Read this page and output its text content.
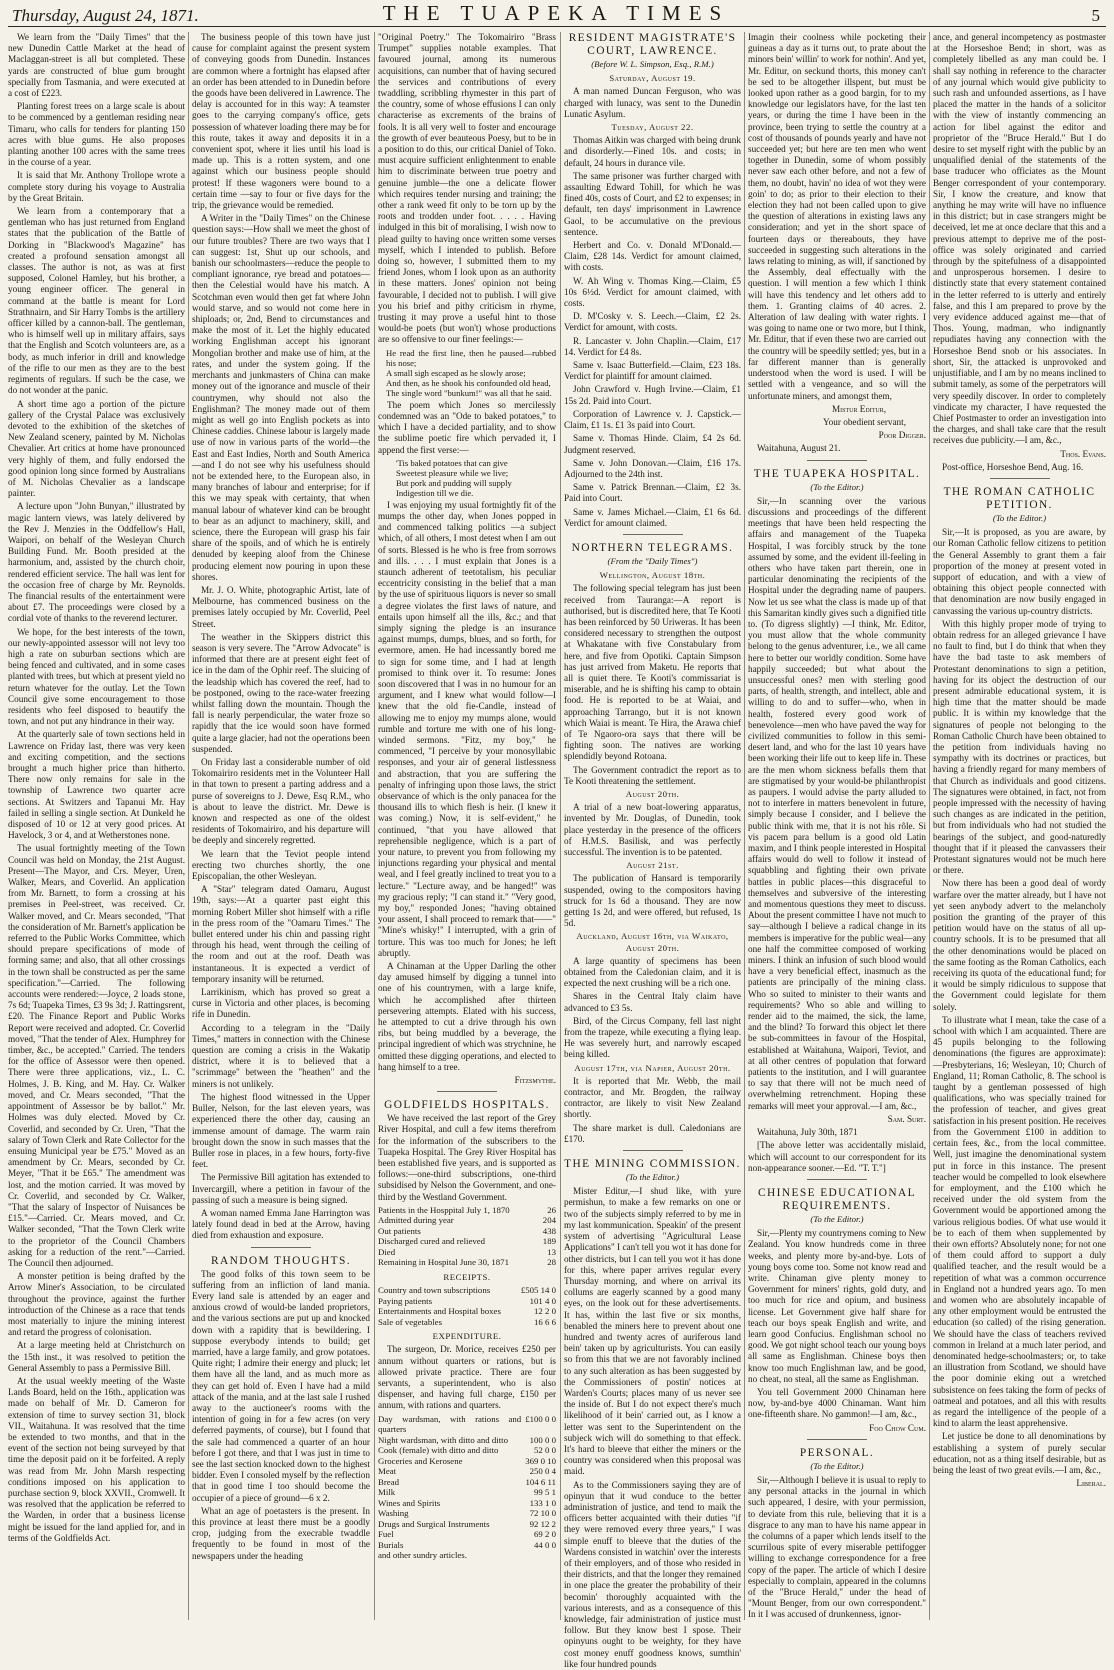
Thursday, August 24, 1871.	THE TUAPEKA TIMES	5

We learn from the "Daily Times" that the new Dunedin Cattle Market at the head of Maclaggan-street is all but completed. These yards are constructed of blue gum brought specially from Tasmania, and were executed at a cost of £223.

Planting forest trees on a large scale is about to be commenced by a gentleman residing near Timaru, who calls for tenders for planting 150 acres with blue gums. He also proposes planting another 100 acres with the same trees in the course of a year.

It is said that Mr. Anthony Trollope wrote a complete story during his voyage to Australia by the Great Britain.

We learn from a contemporary that a gentleman who has just returned from England states that the publication of the Battle of Dorking in "Blackwood's Magazine" has created a profound sensation amongst all classes. The author is not, as was at first supposed, Colonel Hamley, but his brother, a young engineer officer. The general in command at the battle is meant for Lord Strathnairn, and Sir Harry Tombs is the artillery officer killed by a cannon-ball. The gentleman, who is himself well up in military affairs, says that the English and Scotch volunteers are, as a body, as much inferior in drill and knowledge of the rifle to our men as they are to the best regiments of regulars. If such be the case, we do not wonder at the panic.

A short time ago a portion of the picture gallery of the Crystal Palace was exclusively devoted to the exhibition of the sketches of New Zealand scenery, painted by M. Nicholas Chevalier. Art critics at home have pronounced very highly of them, and fully endorsed the good opinion long since formed by Australians of M. Nicholas Chevalier as a landscape painter.

A lecture upon "John Bunyan," illustrated by magic lantern views, was lately delivered by the Rev J. Menzies in the Oddfellow's Hall, Waipori, on behalf of the Wesleyan Church Building Fund. Mr. Booth presided at the harmonium, and, assisted by the church choir, rendered efficient service. The hall was lent for the occasion free of charge by Mr. Reynolds. The financial results of the entertainment were about £7. The proceedings were closed by a cordial vote of thanks to the reverend lecturer.

We hope, for the best interests of the town, our newly-appointed assessor will not levy too high a rate on suburban sections which are being fenced and cultivated, and in some cases planted with trees, but which at present yield no return whatever for the outlay. Let the Town Council give some encouragement to those residents who feel disposed to beautify the town, and not put any hindrance in their way.

At the quarterly sale of town sections held in Lawrence on Friday last, there was very keen and exciting competition, and the sections brought a much higher price than hitherto. There now only remains for sale in the township of Lawrence two quarter acre sections. At Switzers and Tapanui Mr. Hay failed in selling a single section. At Dunkeld he disposed of 10 or 12 at very good prices. At Havelock, 3 or 4, and at Wetherstones none.

The usual fortnightly meeting of the Town Council was held on Monday, the 21st August. Present—The Mayor, and Crs. Meyer, Uren, Walker, Mears, and Coverlid. An application from Mr. Barnett, to form a crossing at his premises in Peel-street, was received. Cr. Walker moved, and Cr. Mears seconded, "That the consideration of Mr. Barnett's application be referred to the Public Works Committee, which should prepare specifications of mode of forming same; and also, that all other crossings in the town shall be constructed as per the same specification."—Carried. The following accounts were rendered:—Joyce, 2 loads stone, 7s 6d; Tuapeka Times, £3 9s 3d; J. Rattingsrent, £20. The Finance Report and Public Works Report were received and adopted. Cr. Coverlid moved, "That the tender of Alex. Humphrey for timber, &c., be accepted." Carried. The tenders for the office of Assessor were then opened. There were three applications, viz., L. C. Holmes, J. B. King, and M. Hay. Cr. Walker moved, and Cr. Mears seconded, "That the appointment of Assessor be by ballot." Mr. Holmes was duly elected. Moved by Cr. Coverlid, and seconded by Cr. Uren, "That the salary of Town Clerk and Rate Collector for the ensuing Municipal year be £75." Moved as an amendment by Cr. Mears, seconded by Cr. Meyer, "That it be £65." The amendment was lost, and the motion carried. It was moved by Cr. Coverlid, and seconded by Cr. Walker, "That the salary of Inspector of Nuisances be £15."—Carried. Cr. Mears moved, and Cr. Walker seconded, "That the Town Clerk write to the proprietor of the Council Chambers asking for a reduction of the rent."—Carried. The Council then adjourned.

A monster petition is being drafted by the Arrow Miner's Association, to be circulated throughout the province, against the further introduction of the Chinese as a race that tends most materially to injure the mining interest and retard the progress of colonisation.

At a large meeting held at Christchurch on the 15th inst., it was resolved to petition the General Assembly to pass a Permissive Bill.

At the usual weekly meeting of the Waste Lands Board, held on the 16th., application was made on behalf of Mr. D. Cameron for extension of time to survey section 31, block VII., Waitahuna. It was resolved that the time be extended to two months, and that in the event of the section not being surveyed by that time the deposit paid on it be forfeited. A reply was read from Mr. John Marsh respecting conditions imposed on his application to purchase section 9, block XXVII., Cromwell. It was resolved that the application be referred to the Warden, in order that a business license might be issued for the land applied for, and in terms of the Goldfields Act.

The business people of this town have just cause for complaint against the present system of conveying goods from Dunedin. Instances are common where a fortnight has elapsed after an order has been attended to in Dunedin before the goods have been delivered in Lawrence. The delay is accounted for in this way: A teamster goes to the carrying company's office, gets possession of whatever loading there may be for this route, takes it away and deposits it in a convenient spot, where it lies until his load is made up. This is a rotten system, and one against which our business people should protest! If these wagoners were bound to a certain time —say to four or five days for the trip, the grievance would be remedied.

A Writer in the "Daily Times" on the Chinese question says:—How shall we meet the ghost of our future troubles? There are two ways that I can suggest: 1st, Shut up our schools, and banish our schoolmasters—reduce the people to compliant ignorance, rye bread and potatoes—then the Celestial would have his match. A Scotchman even would then get fat where John would starve, and so would not come here in shiploads; or, 2nd, Bend to circumstances and make the most of it. Let the highly educated working Englishman accept his ignorant Mongolian brother and make use of him, at the rates, and under the system going. If the merchants and junkmasters of China can make money out of the ignorance and muscle of their countrymen, why should not also the Englishman? The money made out of them might as well go into English pockets as into Chinese caddies. Chinese labour is largely made use of now in various parts of the world—the East and East Indies, North and South America—and I do not see why his usefulness should not be extended here, to the European also, in many branches of labour and enterprise; for if this we may speak with certainty, that when manual labour of whatever kind can be brought to bear as an adjunct to machinery, skill, and science, there the European will grasp his fair share of the spoils, and of which he is entirely denuded by keeping aloof from the Chinese producing element now pouring in upon these shores.

Mr. J. O. White, photographic Artist, late of Melbourne, has commenced business on the premises lately occupied by Mr. Coverlid, Peel Street.

The weather in the Skippers district this season is very severe. The "Arrow Advocate" is informed that there are at present eight feet of ice in the dam of the Ophir reef. The sluicing of the leadship which has covered the reef, had to be postponed, owing to the race-water freezing whilst falling down the mountain. Though the fall is nearly perpendicular, the water froze so rapidly that the ice would soon have formed quite a large glacier, had not the operations been suspended.

On Friday last a considerable number of old Tokomairiro residents met in the Volunteer Hall in that town to present a parting address and a purse of sovereigns to J. Dewe, Esq R.M., who is about to leave the district. Mr. Dewe is known and respected as one of the oldest residents of Tokomairiro, and his departure will be deeply and sincerely regretted.

We learn that the Teviot people intend erecting two churches shortly, the one Episcopalian, the other Wesleyan.

A "Star" telegram dated Oamaru, August 19th, says:—At a quarter past eight this morning Robert Miller shot himself with a rifle in the press room of the "Oamaru Times." The bullet entered under his chin and passing right through his head, went through the ceiling of the room and out at the roof. Death was instantaneous. It is expected a verdict of temporary insanity will be returned.

Larrikinism, which has proved so great a curse in Victoria and other places, is becoming rife in Dunedin.

According to a telegram in the "Daily Times," matters in connection with the Chinese question are coming a crisis in the Wakatip district, where it is to believed that a "scrimmage" between the "heathen" and the miners is not unlikely.

The highest flood witnessed in the Upper Buller, Nelson, for the last eleven years, was experienced there the other day, causing an immense amount of damage. The warm rain brought down the snow in such masses that the Buller rose in places, in a few hours, forty-five feet.

The Permissive Bill agitation has extended to Invercargill, where a petition in favour of the passing of such a measure is being signed.

A woman named Emma Jane Harrington was lately found dead in bed at the Arrow, having died from exhaustion and exposure.

RANDOM THOUGHTS.

The good folks of this town seem to be suffering from an infliction of land mania. Every land sale is attended by an eager and anxious crowd of would-be landed proprietors, and the various sections are put up and knocked down with a rapidity that is bewildering. I suppose everybody intends to build; get married, have a large family, and grow potatoes. Quite right; I admire their energy and pluck; let them have all the land, and as much more as they can get hold of. Even I have had a mild attack of the mania, and at the last sale I rushed away to the auctioneer's rooms with the intention of going in for a few acres (on very deferred payments, of course), but I found that the sale had commenced a quarter of an hour before I got there, and that I was just in time to see the last section knocked down to the highest bidder. Even I consoled myself by the reflection that in good time I too should become the occupier of a piece of ground—6 x 2.

What an age of poetasters is the present. In this province at least there must be a goodly crop, judging from the execrable twaddle frequently to be found in most of the newspapers under the heading

"Original Poetry." The Tokomairiro "Brass Trumpet" supplies notable examples. That favoured journal, among its numerous acquisitions, can number that of having secured the services and contributions of every twaddling, scribbling rhymester in this part of the country, some of whose effusions I can only characterise as excrements of the brains of fools. It is all very well to foster and encourage the growth of ever beauteous Poesy, but to be in a position to do this, our critical Daniel of Toko. must acquire sufficient enlightenment to enable him to discriminate between true poetry and genuine jumble—the one a delicate flower which requires tender nursing and training; the other a rank weed fit only to be torn up by the roots and trodden under foot. . . . . Having indulged in this bit of moralising, I wish now to plead guilty to having once written some verses myself, which I intended to publish. Before doing so, however, I submitted them to my friend Jones, whom I look upon as an authority in these matters. Jones' opinion not being favourable, I decided not to publish. I will give you his brief and pithy criticism in rhyme, trusting it may prove a useful hint to those would-be poets (but won't) whose productions are so offensive to our finer feelings:—

He read the first line, then he paused—rubbed his nose;
A small sigh escaped as he slowly arose;
And then, as he shook his confounded old head,
The single word "bunkum!" was all that he said.

The poem which Jones so mercilessly condemned was an "Ode to baked potatoes," to which I have a decided partiality, and to show the sublime poetic fire which pervaded it, I append the first verse:—

'Tis baked potatoes that can give
Sweetest pleasure while we live;
But pork and pudding will supply
Indigestion till we die.

I was enjoying my usual fortnightly fit of the mumps the other day, when Jones popped in and commenced talking politics —a subject which, of all others, I most detest when I am out of sorts. Blessed is he who is free from sorrows and ills. . . . I must explain that Jones is a staunch adherent of teetotalism, his peculiar eccentricity consisting in the belief that a man by the use of spirituous liquors is never so small a degree violates the first laws of nature, and entails upon himself all the ills, &c.; and that simply signing the pledge is an insurance against mumps, dumps, blues, and so forth, for evermore, amen. He had incessantly bored me to sign for some time, and I had at length promised to think over it. To resume: Jones soon discovered that I was in no humour for an argument, and I knew what would follow—I knew that the old fie-Candle, instead of allowing me to enjoy my mumps alone, would rumble and torture me with one of his long-winded sermons. "Fitz, my boy," he commenced, "I perceive by your monosyllabic responses, and your air of general listlessness and abstraction, that you are suffering the penalty of infringing upon those laws, the strict observance of which is the only panacea for the thousand ills to which flesh is heir. (I knew it was coming.) Now, it is self-evident," he continued, "that you have allowed that reprehensible negligence, which is a part of your nature, to prevent you from following my injunctions regarding your physical and mental weal, and I feel greatly inclined to treat you to a lecture." "Lecture away, and be hanged!" was my gracious reply; "I can stand it." "Very good, my boy," responded Jones; "having obtained your assent, I shall proceed to remark that——" "Mine's whisky!" I interrupted, with a grin of torture. This was too much for Jones; he left abruptly.

A Chinaman at the Upper Darling the other day amused himself by digging a tunnel into one of his countrymen, with a large knife, which he accomplished after thirteen persevering attempts. Elated with his success, he attempted to cut a drive through his own ribs, but being muddled by a beverage, the principal ingredient of which was strychnine, he omitted these digging operations, and elected to hang himself to a tree.

Fitzsmythe.
GOLDFIELDS HOSPITALS.

We have received the last report of the Grey River Hospital, and cull a few items therefrom for the information of the subscribers to the Tuapeka Hospital. The Grey River Hospital has been established five years, and is supported as follows:—one-third subscriptions, one-third subsidised by Nelson the Government, and one-third by the Westland Government.

Patients in the Hosppital July 1, 1870	26
Admitted during year	204
Out patients	438
Discharged cured and relieved	189
Died	13
Remaining in Hospital June 30, 1871	28
RECEIPTS.
Country and town subscriptions	£505 14 0
Paying patients	101 4 0
Entertainments and Hospital boxes	12 2 0
Sale of vegetables	16 6 6
EXPENDITURE.

The surgeon, Dr. Morice, receives £250 per annum without quarters or rations, but is allowed private practice. There are four servants, a superintendent, who is also dispenser, and having full charge, £150 per annum, with rations and quarters.

Day wardsman, with rations and quarters	£100 0 0
Night wardsman, with ditto and ditto	100 0 0
Cook (female) with ditto and ditto	52 0 0
Groceries and Kerosene	369 0 10
Meat	250 0 4
Bread	104 6 11
Milk	99 5 1
Wines and Spirits	133 1 0
Washing	72 10 0
Drugs and Surgical Instruments	92 12 2
Fuel	69 2 0
Burials	44 0 0
and other sundry articles.	
RESIDENT MAGISTRATE'S COURT, LAWRENCE.
(Before W. L. Simpson, Esq., R.M.)
Saturday, August 19.

A man named Duncan Ferguson, who was charged with lunacy, was sent to the Dunedin Lunatic Asylum.

Tuesday, August 22.

Thomas Aitkin was charged with being drunk and disorderly.—Fined 10s. and costs; in default, 24 hours in durance vile.

The same prisoner was further charged with assaulting Edward Tohill, for which he was fined 40s, costs of Court, and £2 to expenses; in default, ten days' imprisonment in Lawrence Gaol, to be accumulative on the previous sentence.

Herbert and Co. v. Donald M'Donald.—Claim, £28 14s. Verdict for amount claimed, with costs.

W. Ah Wing v. Thomas King.—Claim, £5 10s 6½d. Verdict for amount claimed, with costs.

D. M'Cosky v. S. Leech.—Claim, £2 2s. Verdict for amount, with costs.

R. Lancaster v. John Chaplin.—Claim, £17 14. Verdict for £4 8s.

Same v. Isaac Butterfield.—Claim, £23 18s. Verdict for plaintiff for amount claimed.

John Crawford v. Hugh Irvine.—Claim, £1 15s 2d. Paid into Court.

Corporation of Lawrence v. J. Capstick.—Claim, £1 1s. £1 3s paid into Court.

Same v. Thomas Hinde. Claim, £4 2s 6d. Judgment reserved.

Same v. John Donovan.—Claim, £16 17s. Adjourned to the 24th inst.

Same v. Patrick Brennan.—Claim, £2 3s. Paid into Court.

Same v. James Michael.—Claim, £1 6s 6d. Verdict for amount claimed.

NORTHERN TELEGRAMS.
(From the "Daily Times")
Wellington, August 18th.

The following special telegram has just been received from Tauranga:—A report is authorised, but is discredited here, that Te Kooti has been reinforced by 50 Uriweras. It has been considered necessary to strengthen the outpost at Whakatane with five Constabulary from here, and five from Opotiki. Captain Simpson has just arrived from Maketu. He reports that all is quiet there. Te Kooti's commissariat is miserable, and he is shifting his camp to obtain food. He is reported to be at Waiai, and approaching Tarrango, but it is not known which Waiai is meant. Te Hira, the Arawa chief of Te Ngaoro-ora says that there will be fighting soon. The natives are working splendidly beyond Rotoana.

The Government contradict the report as to Te Kooti threatening the settlement.

August 20th.

A trial of a new boat-lowering apparatus, invented by Mr. Douglas, of Dunedin, took place yesterday in the presence of the officers of H.M.S. Basilisk, and was perfectly successful. The invention is to be patented.

August 21st.

The publication of Hansard is temporarily suspended, owing to the compositors having struck for 1s 6d a thousand. They are now getting 1s 2d, and were offered, but refused, 1s 5d.

Auckland, August 16th, via Waikato, August 20th.

A large quantity of specimens has been obtained from the Caledonian claim, and it is expected the next crushing will be a rich one.

Shares in the Central Italy claim have advanced to £3 5s.

Bird, of the Circus Company, fell last night from the trapeze, while executing a flying leap. He was severely hurt, and narrowly escaped being killed.

August 17th, via Napier, August 20th.

It is reported that Mr. Webb, the mail contractor, and Mr. Brogden, the railway contractor, are likely to visit New Zealand shortly.

The share market is dull. Caledonians are £170.

THE MINING COMMISSION.
(To the Editor.)

Mister Editur,—I shud like, with yure permishun, to make a few remarks on one or two of the subjects simply referred to by me in my last kommunication. Speakin' of the present system of advertising "Agricultural Lease Applications" I can't tell you wot it has done for other districts, but I can tell you wot it has done for this, where paper arrives regular every Thursday morning, and where on arrival its collums are eagerly scanned by a good many eyes, on the look out for these advertisements. It has, within the last five or six months, benabled the miners here to prevent about one hundred and twenty acres of auriferous land bein' taken up by agriculturists. You can easily so from this that we are not favorably inclined to any such alteration as has been suggested by the Commissioners of postin' notices at Warden's Courts; places many of us never see the inside of. But I do not expect there's much likelihood of it bein' carried out, as I know a letter was sent to the Superintendent on the subjeck wich will do something to that effeck. It's hard to bleeve that either the miners or the country was considered when this proposal was maid.

As to the Commissioners saying they are of opinyun that it wud conduce to the better administration of justice, and tend to maik the officers better acquainted with their duties "if they were removed every three years," I was simple enuff to bleeve that the duties of the Wardens consisted in watchin' over the interests of their employers, and of those who resided in their districts, and that the longer they remained in one place the greater the probability of their becomin' thoroughly acquainted with the various interests, and as a consequence of this knowledge, fair administration of justice must follow. But they know best I spose. Their opinyuns ought to be weighty, for they have cost money enuff goodness knows, sumthin' like four hundred pounds

Imagin their coolness while pocketing their guineas a day as it turns out, to prate about the minors bein' willin' to work for nothin'. And yet, Mr. Editur, on seckund thorts, this money can't be sed to be altogether illspent, but must be looked upon rather as a good bargin, for to my knowledge our legislators have, for the last ten years, or during the time I have been in the province, been trying to settle the country at a cost of thousands of pounds yearly and have not succeeded yet; but here are ten men who went together in Dunedin, some of whom possibly never saw each other before, and not a few of them, no doubt, havin' no idea of wot they were goin' to do; as prior to their election to their election they had not been called upon to give the question of alterations in existing laws any consideration; and yet in the short space of fourteen days or thereabouts, they have succeeded in suggesting such alterations in the laws relating to mining, as will, if sanctioned by the Assembly, deal effectually with the question. I will mention a few which I think will have this tendency and let others add to them. 1. Granting claims of 40 acres. 2. Alteration of law dealing with water rights. I was going to name one or two more, but I think, Mr. Editur, that if even these two are carried out the country will be speedily settled; yes, but in a far different manner than is generally understood when the word is used. I will be settled with a vengeance, and so will the unfortunate miners, and amongst them,

Mistur Editur,
Your obedient servant,
Poor Digger.

Waitahuna, August 21.

THE TUAPEKA HOSPITAL.
(To the Editor.)

Sir,—In scanning over the various discussions and proceedings of the different meetings that have been held respecting the affairs and management of the Tuapeka Hospital, I was forcibly struck by the tone assumed by some, and the evident ill-feeling in others who have taken part therein, one in particular denominating the recipients of the Hospital under the degrading name of paupers. Now let us see what the class is made up of that this Samaritan kindly gives such a dignified title to. (To digress slightly) —I think, Mr. Editor, you must allow that the whole community belong to the genus adventurer, i.e., we all came here to better our worldly condition. Some have happily succeeded; but what about the unsuccessful ones? men with sterling good parts, of health, strength, and intellect, able and willing to do and to suffer—who, when in health, fostered every good work of benevolence—men who have paved the way for civilized communities to follow in this semi-desert land, and who for the last 10 years have been working their life out to keep life in. These are the men whom sickness befalls them that are stigmatised by your would-be philanthropist as paupers. I would advise the party alluded to not to interfere in matters benevolent in future, simply because I consider, and I believe the public think with me, that it is not his rôle. Si vis pacem para bellum is a good old Latin maxim, and I think people interested in Hospital affairs would do well to follow it instead of squabbling and fighting their own private battles in public places—this disgraceful to themselves and subversive of the interesting and momentous questions they meet to discuss. About the present committee I have not much to say—although I believe a radical change in its members is imperative for the public weal—any one half the committee composed of working miners. I think an infusion of such blood would have a very beneficial effect, inasmuch as the patients are principally of the mining class. Who so suited to minister to their wants and requirements? Who so able and willing to render aid to the maimed, the sick, the lame, and the blind? To forward this object let there be sub-committees in favour of the Hospital, established at Waitahuna, Waipori, Teviot, and at all other centres of population that forward patients to the institution, and I will guarantee to say that there will not be much need of overwhelming retrenchment. Hoping these remarks will meet your approval.—I am, &c.,

Sam. Surt.

Waitahuna, July 30th, 1871

[The above letter was accidentally mislaid, which will account to our correspondent for its non-appearance sooner.—Ed. "T. T."]

CHINESE EDUCATIONAL REQUIREMENTS.
(To the Editor.)

Sir,—Plenty my countrymens coming to New Zealand. You know hundreds come in three weeks, and plenty more by-and-bye. Lots of young boys come too. Some not know read and write. Chinaman give plenty money to Government for miners' rights, gold duty, and too much for rice and opium, and business license. Let Government give half share for teach our boys speak English and write, and learn good Confucius. Englishman school no good. We got night school teach our young boys all same as Englishman. Chinese boys then know too much Englishman law, and be good, no cheat, no steal, all the same as Englishman.

You tell Government 2000 Chinaman here now, by-and-bye 4000 Chinaman. Want him one-fifteenth share. No gammon!—I am, &c.,

Foo Chow Cum.
PERSONAL.
(To the Editor.)

Sir,—Although I believe it is usual to reply to any personal attacks in the journal in which such appeared, I desire, with your permission, to deviate from this rule, believing that it is a disgrace to any man to have his name appear in the columns of a paper which lends itself to the scurrilous spite of every miserable pettifogger willing to exchange correspondence for a free copy of the paper. The article of which I desire especially to complain, appeared in the columns of the "Bruce Herald," under the head of "Mount Benger, from our own correspondent." In it I was accused of drunkenness, ignor-

ance, and general incompetency as postmaster at the Horseshoe Bend; in short, was as completely libelled as any man could be. I shall say nothing in reference to the character of any journal which would give publicity to such rash and unfounded assertions, as I have placed the matter in the hands of a solicitor with the view of instantly commencing an action for libel against the editor and proprietor of the "Bruce Herald." But I do desire to set myself right with the public by an unqualified denial of the statements of the base traducer who officiates as the Mount Benger correspondent of your contemporary. Sir, I know the creature, and know that anything he may write will have no influence in this district; but in case strangers might be deceived, let me at once declare that this and a previous attempt to deprive me of the post-office was solely originated and carried through by the spitefulness of a disappointed and unprosperous horsemen. I desire to distinctly state that every statement contained in the letter referred to is utterly and entirely false, and this I am prepared to prove by the very evidence adduced against me—that of Thos. Young, madman, who indignantly repudiates having any connection with the Horseshoe Bend snob or his associates. In short, Sir, the attacked is unprovoked and unjustifiable, and I am by no means inclined to submit tamely, as some of the perpetrators will very speedily discover. In order to completely vindicate my character, I have requested the Chief Postmaster to order an investigation into the charges, and shall take care that the result receives due publicity.—I am, &c.,

Thos. Evans.

Post-office, Horseshoe Bend, Aug. 16.

THE ROMAN CATHOLIC PETITION.
(To the Editor.)

Sir,—It is proposed, as you are aware, by our Roman Catholic fellow citizens to petition the General Assembly to grant them a fair proportion of the money at present voted in support of education, and with a view of obtaining this object people connected with that denomination are now busily engaged in canvassing the various up-country districts.

With this highly proper mode of trying to obtain redress for an alleged grievance I have no fault to find, but I do think that when they have the bad taste to ask members of Protestant denominations to sign a petition, having for its object the destruction of our present admirable educational system, it is high time that the matter should be made public. It is within my knowledge that the signatures of people not belonging to the Roman Catholic Church have been obtained to the petition from individuals having no sympathy with its doctrines or practices, but having a friendly regard for many members of that Church as individuals and good citizens. The signatures were obtained, in fact, not from people impressed with the necessity of having such changes as are indicated in the petition, but from individuals who had not studied the bearings of the subject, and good-naturedly thought that if it pleased the canvassers their Protestant signatures would not be much here or there.

Now there has been a good deal of wordy warfare over the matter already, but I have not yet seen anybody advert to the melancholy position the granting of the prayer of this petition would have on the status of all up-country schools. It is to be presumed that all the other denominations would be placed on the same footing as the Roman Catholics, each receiving its quota of the educational fund; for it would be simply ridiculous to suppose that the Government could legislate for them solely.

To illustrate what I mean, take the case of a school with which I am acquainted. There are 45 pupils belonging to the following denominations (the figures are approximate):—Presbyterians, 16; Wesleyan, 10; Church of England, 11; Roman Catholic, 8. The school is taught by a gentleman possessed of high qualifications, who was specially trained for the profession of teacher, and gives great satisfaction in his present position. He receives from the Government £100 in addition to certain fees, &c., from the local committee. Well, just imagine the denominational system put in force in this instance. The present teacher would be compelled to look elsewhere for employment, and the £100 which he received under the old system from the Government would be apportioned among the various religious bodies. Of what use would it be to each of them when supplemented by their own efforts? Absolutely none; for not one of them could afford to support a duly qualified teacher, and the result would be a repetition of what was a common occurrence in England not a hundred years ago. To men and women who are absolutely incapable of any other employment would be entrusted the education (so called) of the rising generation. We should have the class of teachers revived common in Ireland at a much later period, and denominated hedge-schoolmasters; or, to take an illustration from Scotland, we should have the poor dominie eking out a wretched subsistence on fees taking the form of pecks of oatmeal and potatoes, and all this with results as regard the intelligence of the people of a kind to alarm the least apprehensive.

Let justice be done to all denominations by establishing a system of purely secular education, not as a thing itself desirable, but as being the least of two great evils.—I am, &c.,

Liberal.
